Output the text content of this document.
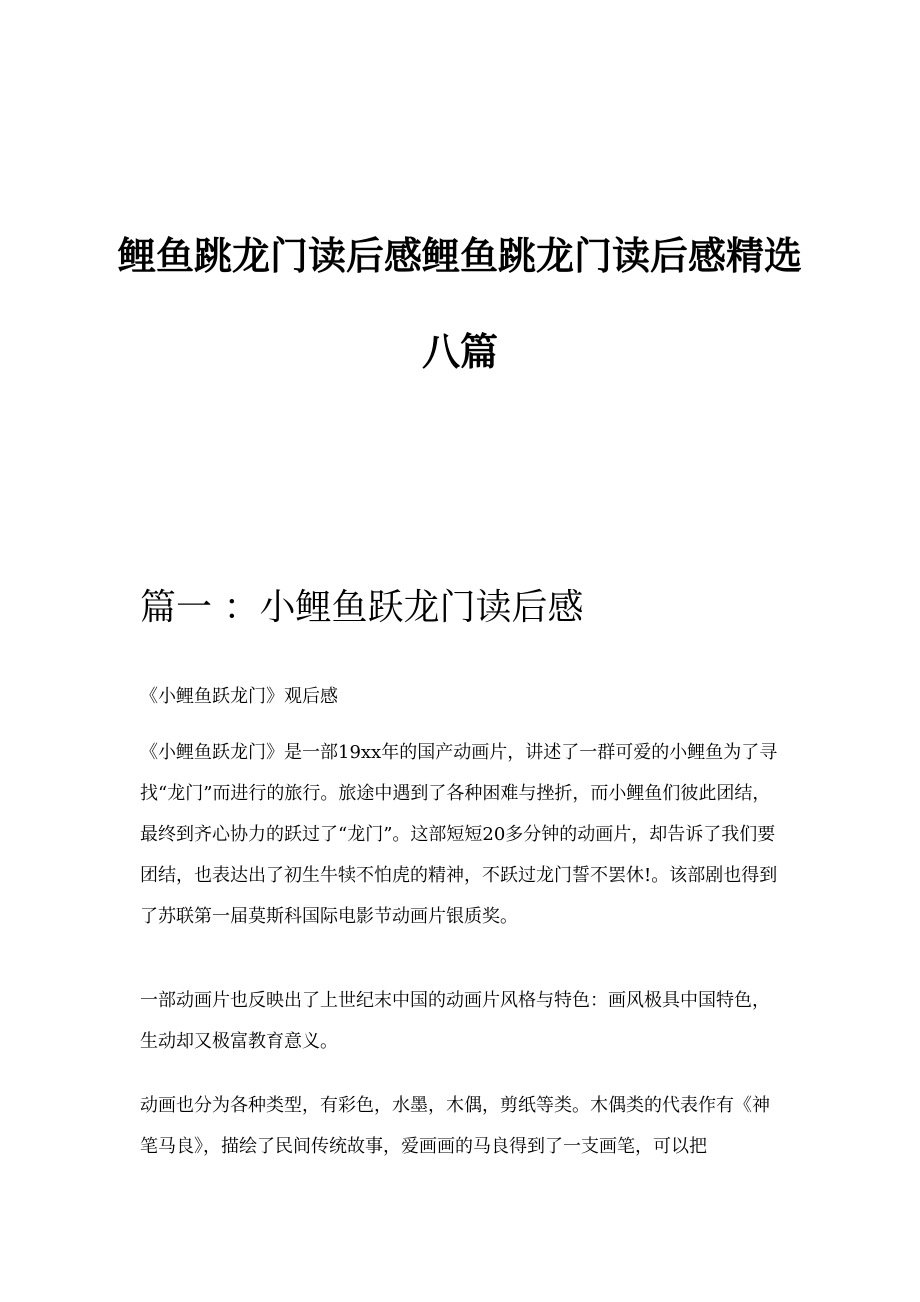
鲤鱼跳龙门读后感鲤鱼跳龙门读后感精选八篇
篇一 ：小鲤鱼跃龙门读后感

《小鲤鱼跃龙门》观后感

《小鲤鱼跃龙门》是一部19xx年的国产动画片，讲述了一群可爱的小鲤鱼为了寻找“龙门”而进行的旅行。旅途中遇到了各种困难与挫折，而小鲤鱼们彼此团结，最终到齐心协力的跃过了“龙门”。这部短短20多分钟的动画片，却告诉了我们要团结，也表达出了初生牛犊不怕虎的精神，不跃过龙门誓不罢休!。该部剧也得到了苏联第一届莫斯科国际电影节动画片银质奖。

一部动画片也反映出了上世纪末中国的动画片风格与特色：画风极具中国特色，生动却又极富教育意义。

动画也分为各种类型，有彩色，水墨，木偶，剪纸等类。木偶类的代表作有《神笔马良》，描绘了民间传统故事，爱画画的马良得到了一支画笔，可以把
